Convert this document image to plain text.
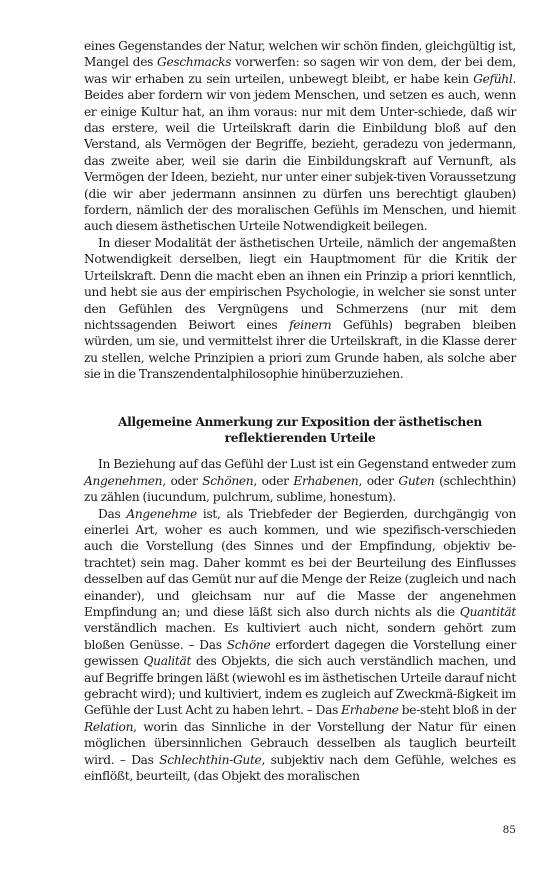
eines Gegenstandes der Natur, welchen wir schön finden, gleichgültig ist, Mangel des Geschmacks vorwerfen: so sagen wir von dem, der bei dem, was wir erhaben zu sein urteilen, unbewegt bleibt, er habe kein Gefühl. Beides aber fordern wir von jedem Menschen, und setzen es auch, wenn er einige Kultur hat, an ihm voraus: nur mit dem Unter-schiede, daß wir das erstere, weil die Urteilskraft darin die Einbildung bloß auf den Verstand, als Vermögen der Begriffe, bezieht, geradezu von jedermann, das zweite aber, weil sie darin die Einbildungskraft auf Vernunft, als Vermögen der Ideen, bezieht, nur unter einer subjek-tiven Voraussetzung (die wir aber jedermann ansinnen zu dürfen uns berechtigt glauben) fordern, nämlich der des moralischen Gefühls im Menschen, und hiemit auch diesem ästhetischen Urteile Notwendigkeit beilegen.

In dieser Modalität der ästhetischen Urteile, nämlich der angemaßten Notwendigkeit derselben, liegt ein Hauptmoment für die Kritik der Urteilskraft. Denn die macht eben an ihnen ein Prinzip a priori kenntlich, und hebt sie aus der empirischen Psychologie, in welcher sie sonst unter den Gefühlen des Vergnügens und Schmerzens (nur mit dem nichtssagenden Beiwort eines feinern Gefühls) begraben bleiben würden, um sie, und vermittelst ihrer die Urteilskraft, in die Klasse derer zu stellen, welche Prinzipien a priori zum Grunde haben, als solche aber sie in die Transzendentalphilosophie hinüberzuziehen.

Allgemeine Anmerkung zur Exposition der ästhetischen
reflektierenden Urteile

In Beziehung auf das Gefühl der Lust ist ein Gegenstand entweder zum Angenehmen, oder Schönen, oder Erhabenen, oder Guten (schlechthin) zu zählen (iucundum, pulchrum, sublime, honestum).

Das Angenehme ist, als Triebfeder der Begierden, durchgängig von einerlei Art, woher es auch kommen, und wie spezifisch-verschieden auch die Vorstellung (des Sinnes und der Empfindung, objektiv be-trachtet) sein mag. Daher kommt es bei der Beurteilung des Einflusses desselben auf das Gemüt nur auf die Menge der Reize (zugleich und nach einander), und gleichsam nur auf die Masse der angenehmen Empfindung an; und diese läßt sich also durch nichts als die Quantität verständlich machen. Es kultiviert auch nicht, sondern gehört zum bloßen Genüsse. – Das Schöne erfordert dagegen die Vorstellung einer gewissen Qualität des Objekts, die sich auch verständlich machen, und auf Begriffe bringen läßt (wiewohl es im ästhetischen Urteile darauf nicht gebracht wird); und kultiviert, indem es zugleich auf Zweckmä-ßigkeit im Gefühle der Lust Acht zu haben lehrt. – Das Erhabene be-steht bloß in der Relation, worin das Sinnliche in der Vorstellung der Natur für einen möglichen übersinnlichen Gebrauch desselben als tauglich beurteilt wird. – Das Schlechthin-Gute, subjektiv nach dem Gefühle, welches es einflößt, beurteilt, (das Objekt des moralischen

85
